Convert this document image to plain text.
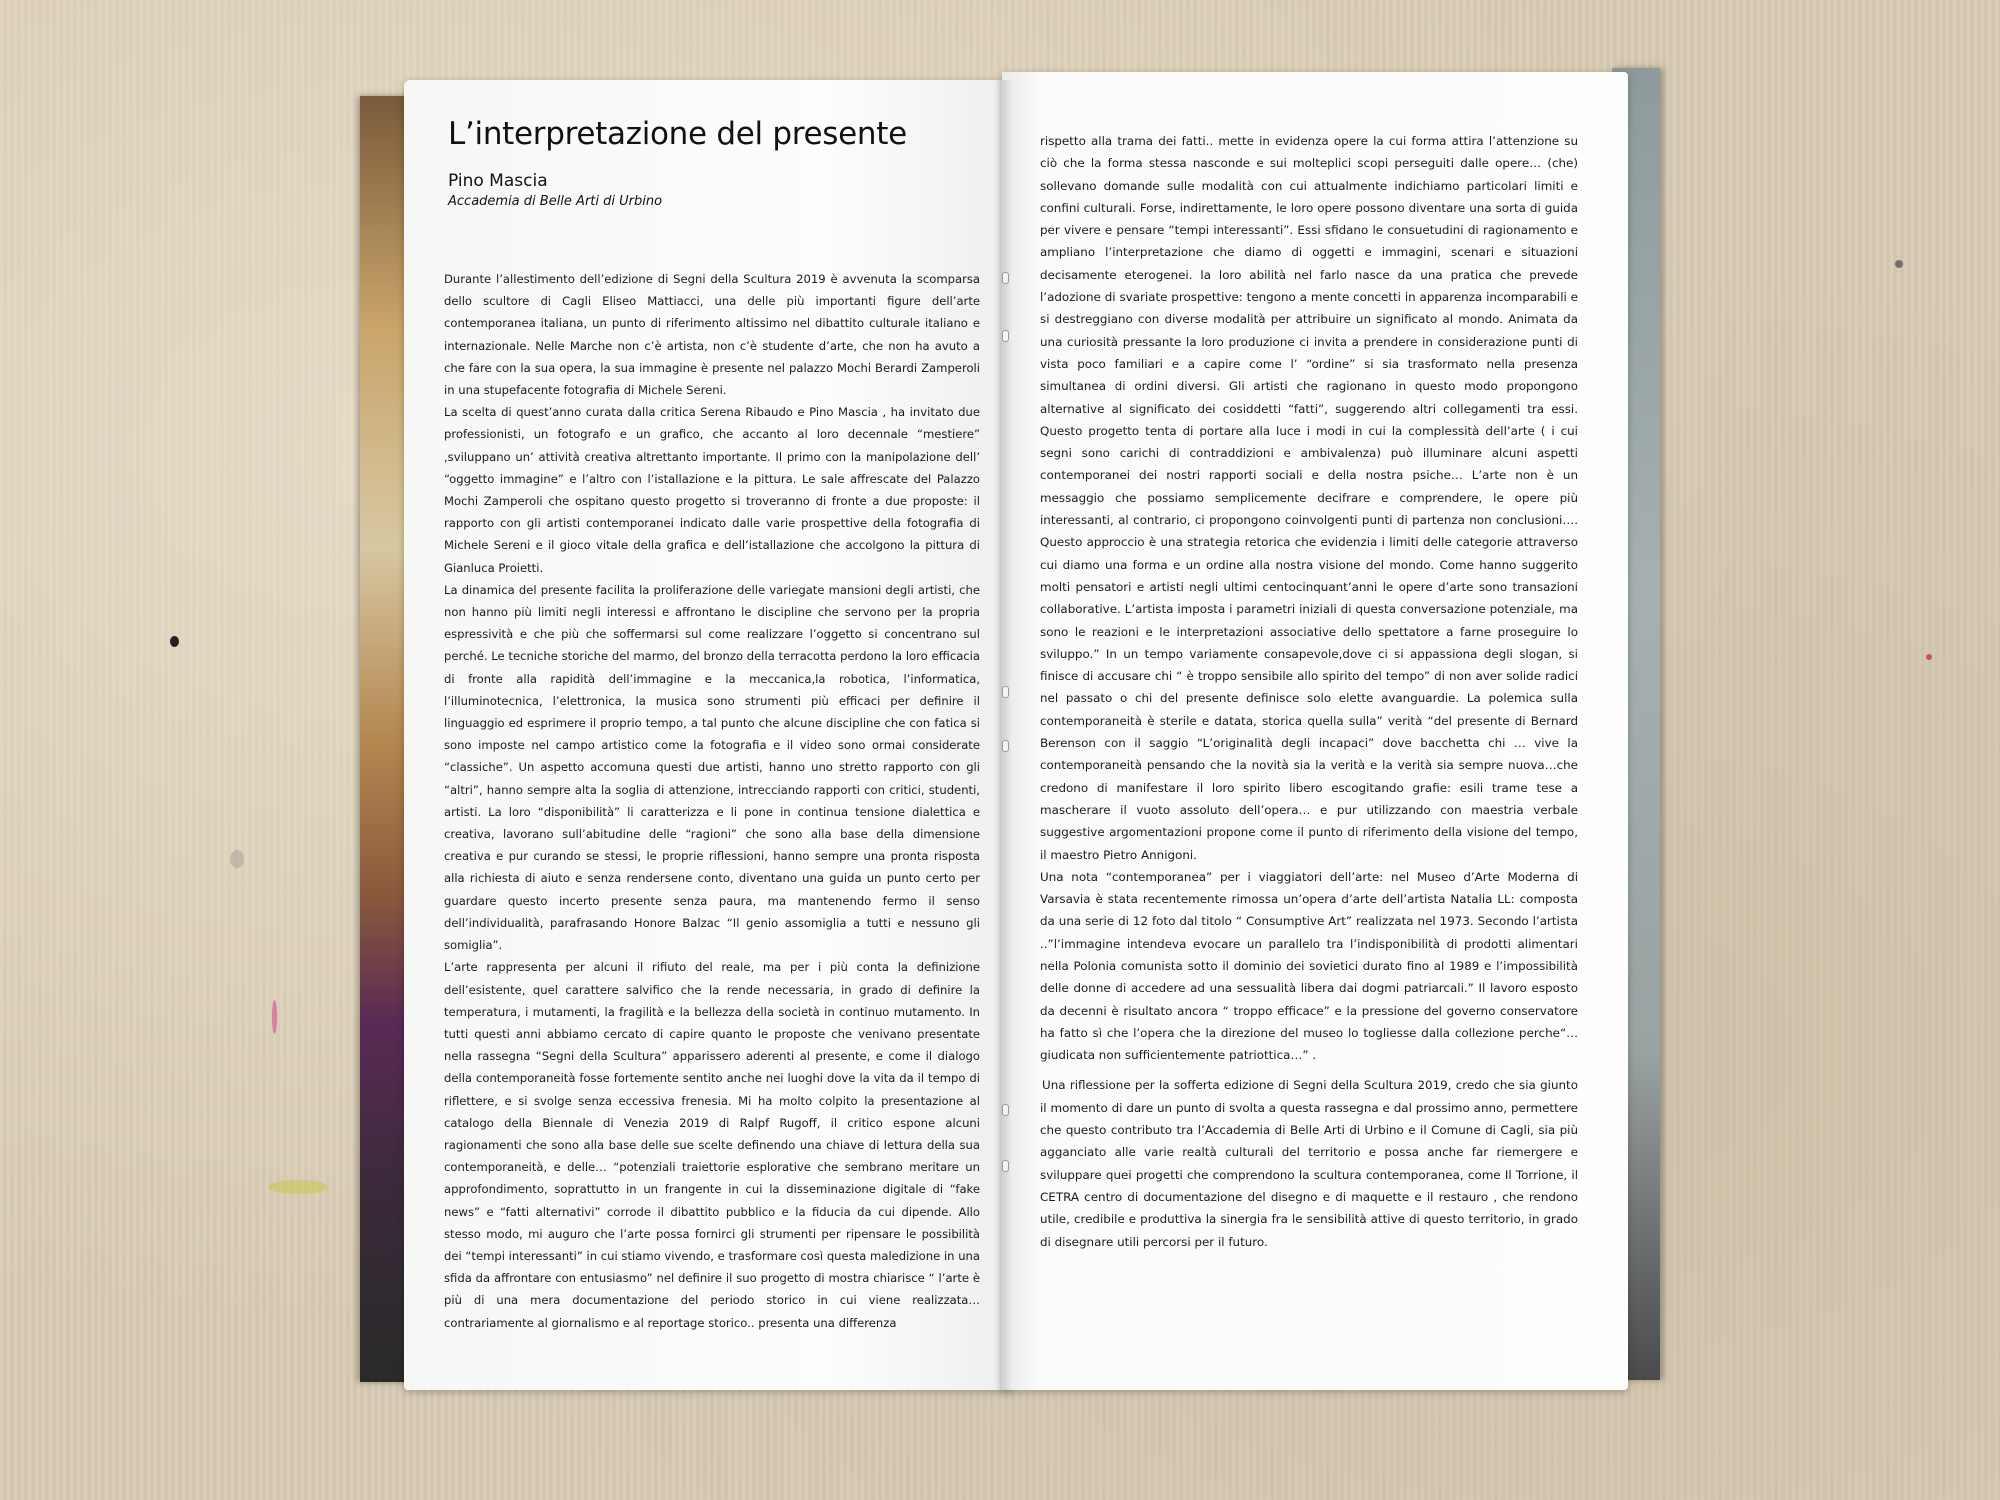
L’interpretazione del presente
Pino Mascia
Accademia di Belle Arti di Urbino

Durante l’allestimento dell’edizione di Segni della Scultura 2019 è avvenuta la scomparsa dello scultore di Cagli Eliseo Mattiacci, una delle più importanti figure dell’arte contemporanea italiana, un punto di riferimento altissimo nel dibattito culturale italiano e internazionale. Nelle Marche non c’è artista, non c’è studente d’arte, che non ha avuto a che fare con la sua opera, la sua immagine è presente nel palazzo Mochi Berardi Zamperoli in una stupefacente fotografia di Michele Sereni.

La scelta di quest’anno curata dalla critica Serena Ribaudo e Pino Mascia , ha invitato due professionisti, un fotografo e un grafico, che accanto al loro decennale “mestiere” ,sviluppano un’ attività creativa altrettanto importante. Il primo con la manipolazione dell’ “oggetto immagine” e l’altro con l’istallazione e la pittura. Le sale affrescate del Palazzo Mochi Zamperoli che ospitano questo progetto si troveranno di fronte a due proposte: il rapporto con gli artisti contemporanei indicato dalle varie prospettive della fotografia di Michele Sereni e il gioco vitale della grafica e dell’istallazione che accolgono la pittura di Gianluca Proietti.

La dinamica del presente facilita la proliferazione delle variegate mansioni degli artisti, che non hanno più limiti negli interessi e affrontano le discipline che servono per la propria espressività e che più che soffermarsi sul come realizzare l’oggetto si concentrano sul perché. Le tecniche storiche del marmo, del bronzo della terracotta perdono la loro efficacia di fronte alla rapidità dell’immagine e la meccanica,la robotica, l’informatica, l’illuminotecnica, l’elettronica, la musica sono strumenti più efficaci per definire il linguaggio ed esprimere il proprio tempo, a tal punto che alcune discipline che con fatica si sono imposte nel campo artistico come la fotografia e il video sono ormai considerate “classiche”. Un aspetto accomuna questi due artisti, hanno uno stretto rapporto con gli “altri”, hanno sempre alta la soglia di attenzione, intrecciando rapporti con critici, studenti, artisti. La loro “disponibilità” li caratterizza e li pone in continua tensione dialettica e creativa, lavorano sull’abitudine delle “ragioni” che sono alla base della dimensione creativa e pur curando se stessi, le proprie riflessioni, hanno sempre una pronta risposta alla richiesta di aiuto e senza rendersene conto, diventano una guida un punto certo per guardare questo incerto presente senza paura, ma mantenendo fermo il senso dell’individualità, parafrasando Honore Balzac “Il genio assomiglia a tutti e nessuno gli somiglia”.

L’arte rappresenta per alcuni il rifiuto del reale, ma per i più conta la definizione dell’esistente, quel carattere salvifico che la rende necessaria, in grado di definire la temperatura, i mutamenti, la fragilità e la bellezza della società in continuo mutamento. In tutti questi anni abbiamo cercato di capire quanto le proposte che venivano presentate nella rassegna “Segni della Scultura” apparissero aderenti al presente, e come il dialogo della contemporaneità fosse fortemente sentito anche nei luoghi dove la vita da il tempo di riflettere, e si svolge senza eccessiva frenesia. Mi ha molto colpito la presentazione al catalogo della Biennale di Venezia 2019 di Ralpf Rugoff, il critico espone alcuni ragionamenti che sono alla base delle sue scelte definendo una chiave di lettura della sua contemporaneità, e delle… “potenziali traiettorie esplorative che sembrano meritare un approfondimento, soprattutto in un frangente in cui la disseminazione digitale di “fake news” e “fatti alternativi” corrode il dibattito pubblico e la fiducia da cui dipende. Allo stesso modo, mi auguro che l’arte possa fornirci gli strumenti per ripensare le possibilità dei “tempi interessanti” in cui stiamo vivendo, e trasformare così questa maledizione in una sfida da affrontare con entusiasmo” nel definire il suo progetto di mostra chiarisce “ l’arte è più di una mera documentazione del periodo storico in cui viene realizzata… contrariamente al giornalismo e al reportage storico.. presenta una differenza

rispetto alla trama dei fatti.. mette in evidenza opere la cui forma attira l’attenzione su ciò che la forma stessa nasconde e sui molteplici scopi perseguiti dalle opere… (che) sollevano domande sulle modalità con cui attualmente indichiamo particolari limiti e confini culturali. Forse, indirettamente, le loro opere possono diventare una sorta di guida per vivere e pensare “tempi interessanti”. Essi sfidano le consuetudini di ragionamento e ampliano l’interpretazione che diamo di oggetti e immagini, scenari e situazioni decisamente eterogenei. la loro abilità nel farlo nasce da una pratica che prevede l’adozione di svariate prospettive: tengono a mente concetti in apparenza incomparabili e si destreggiano con diverse modalità per attribuire un significato al mondo. Animata da una curiosità pressante la loro produzione ci invita a prendere in considerazione punti di vista poco familiari e a capire come l’ “ordine” si sia trasformato nella presenza simultanea di ordini diversi. Gli artisti che ragionano in questo modo propongono alternative al significato dei cosiddetti “fatti”, suggerendo altri collegamenti tra essi. Questo progetto tenta di portare alla luce i modi in cui la complessità dell’arte ( i cui segni sono carichi di contraddizioni e ambivalenza) può illuminare alcuni aspetti contemporanei dei nostri rapporti sociali e della nostra psiche… L’arte non è un messaggio che possiamo semplicemente decifrare e comprendere, le opere più interessanti, al contrario, ci propongono coinvolgenti punti di partenza non conclusioni…. Questo approccio è una strategia retorica che evidenzia i limiti delle categorie attraverso cui diamo una forma e un ordine alla nostra visione del mondo. Come hanno suggerito molti pensatori e artisti negli ultimi centocinquant’anni le opere d’arte sono transazioni collaborative. L’artista imposta i parametri iniziali di questa conversazione potenziale, ma sono le reazioni e le interpretazioni associative dello spettatore a farne proseguire lo sviluppo.” In un tempo variamente consapevole,dove ci si appassiona degli slogan, si finisce di accusare chi “ è troppo sensibile allo spirito del tempo” di non aver solide radici nel passato o chi del presente definisce solo elette avanguardie. La polemica sulla contemporaneità è sterile e datata, storica quella sulla” verità “del presente di Bernard Berenson con il saggio “L’originalità degli incapaci” dove bacchetta chi … vive la contemporaneità pensando che la novità sia la verità e la verità sia sempre nuova…che credono di manifestare il loro spirito libero escogitando grafie: esili trame tese a mascherare il vuoto assoluto dell’opera… e pur utilizzando con maestria verbale suggestive argomentazioni propone come il punto di riferimento della visione del tempo, il maestro Pietro Annigoni.

Una nota “contemporanea” per i viaggiatori dell’arte: nel Museo d’Arte Moderna di Varsavia è stata recentemente rimossa un’opera d’arte dell’artista Natalia LL: composta da una serie di 12 foto dal titolo “ Consumptive Art” realizzata nel 1973. Secondo l’artista ..”l’immagine intendeva evocare un parallelo tra l’indisponibilità di prodotti alimentari nella Polonia comunista sotto il dominio dei sovietici durato fino al 1989 e l’impossibilità delle donne di accedere ad una sessualità libera dai dogmi patriarcali.” Il lavoro esposto da decenni è risultato ancora “ troppo efficace” e la pressione del governo conservatore ha fatto sì che l’opera che la direzione del museo lo togliesse dalla collezione perche“… giudicata non sufficientemente patriottica…” .

Una riflessione per la sofferta edizione di Segni della Scultura 2019, credo che sia giunto il momento di dare un punto di svolta a questa rassegna e dal prossimo anno, permettere che questo contributo tra l’Accademia di Belle Arti di Urbino e il Comune di Cagli, sia più agganciato alle varie realtà culturali del territorio e possa anche far riemergere e sviluppare quei progetti che comprendono la scultura contemporanea, come Il Torrione, il CETRA centro di documentazione del disegno e di maquette e il restauro , che rendono utile, credibile e produttiva la sinergia fra le sensibilità attive di questo territorio, in grado di disegnare utili percorsi per il futuro.
